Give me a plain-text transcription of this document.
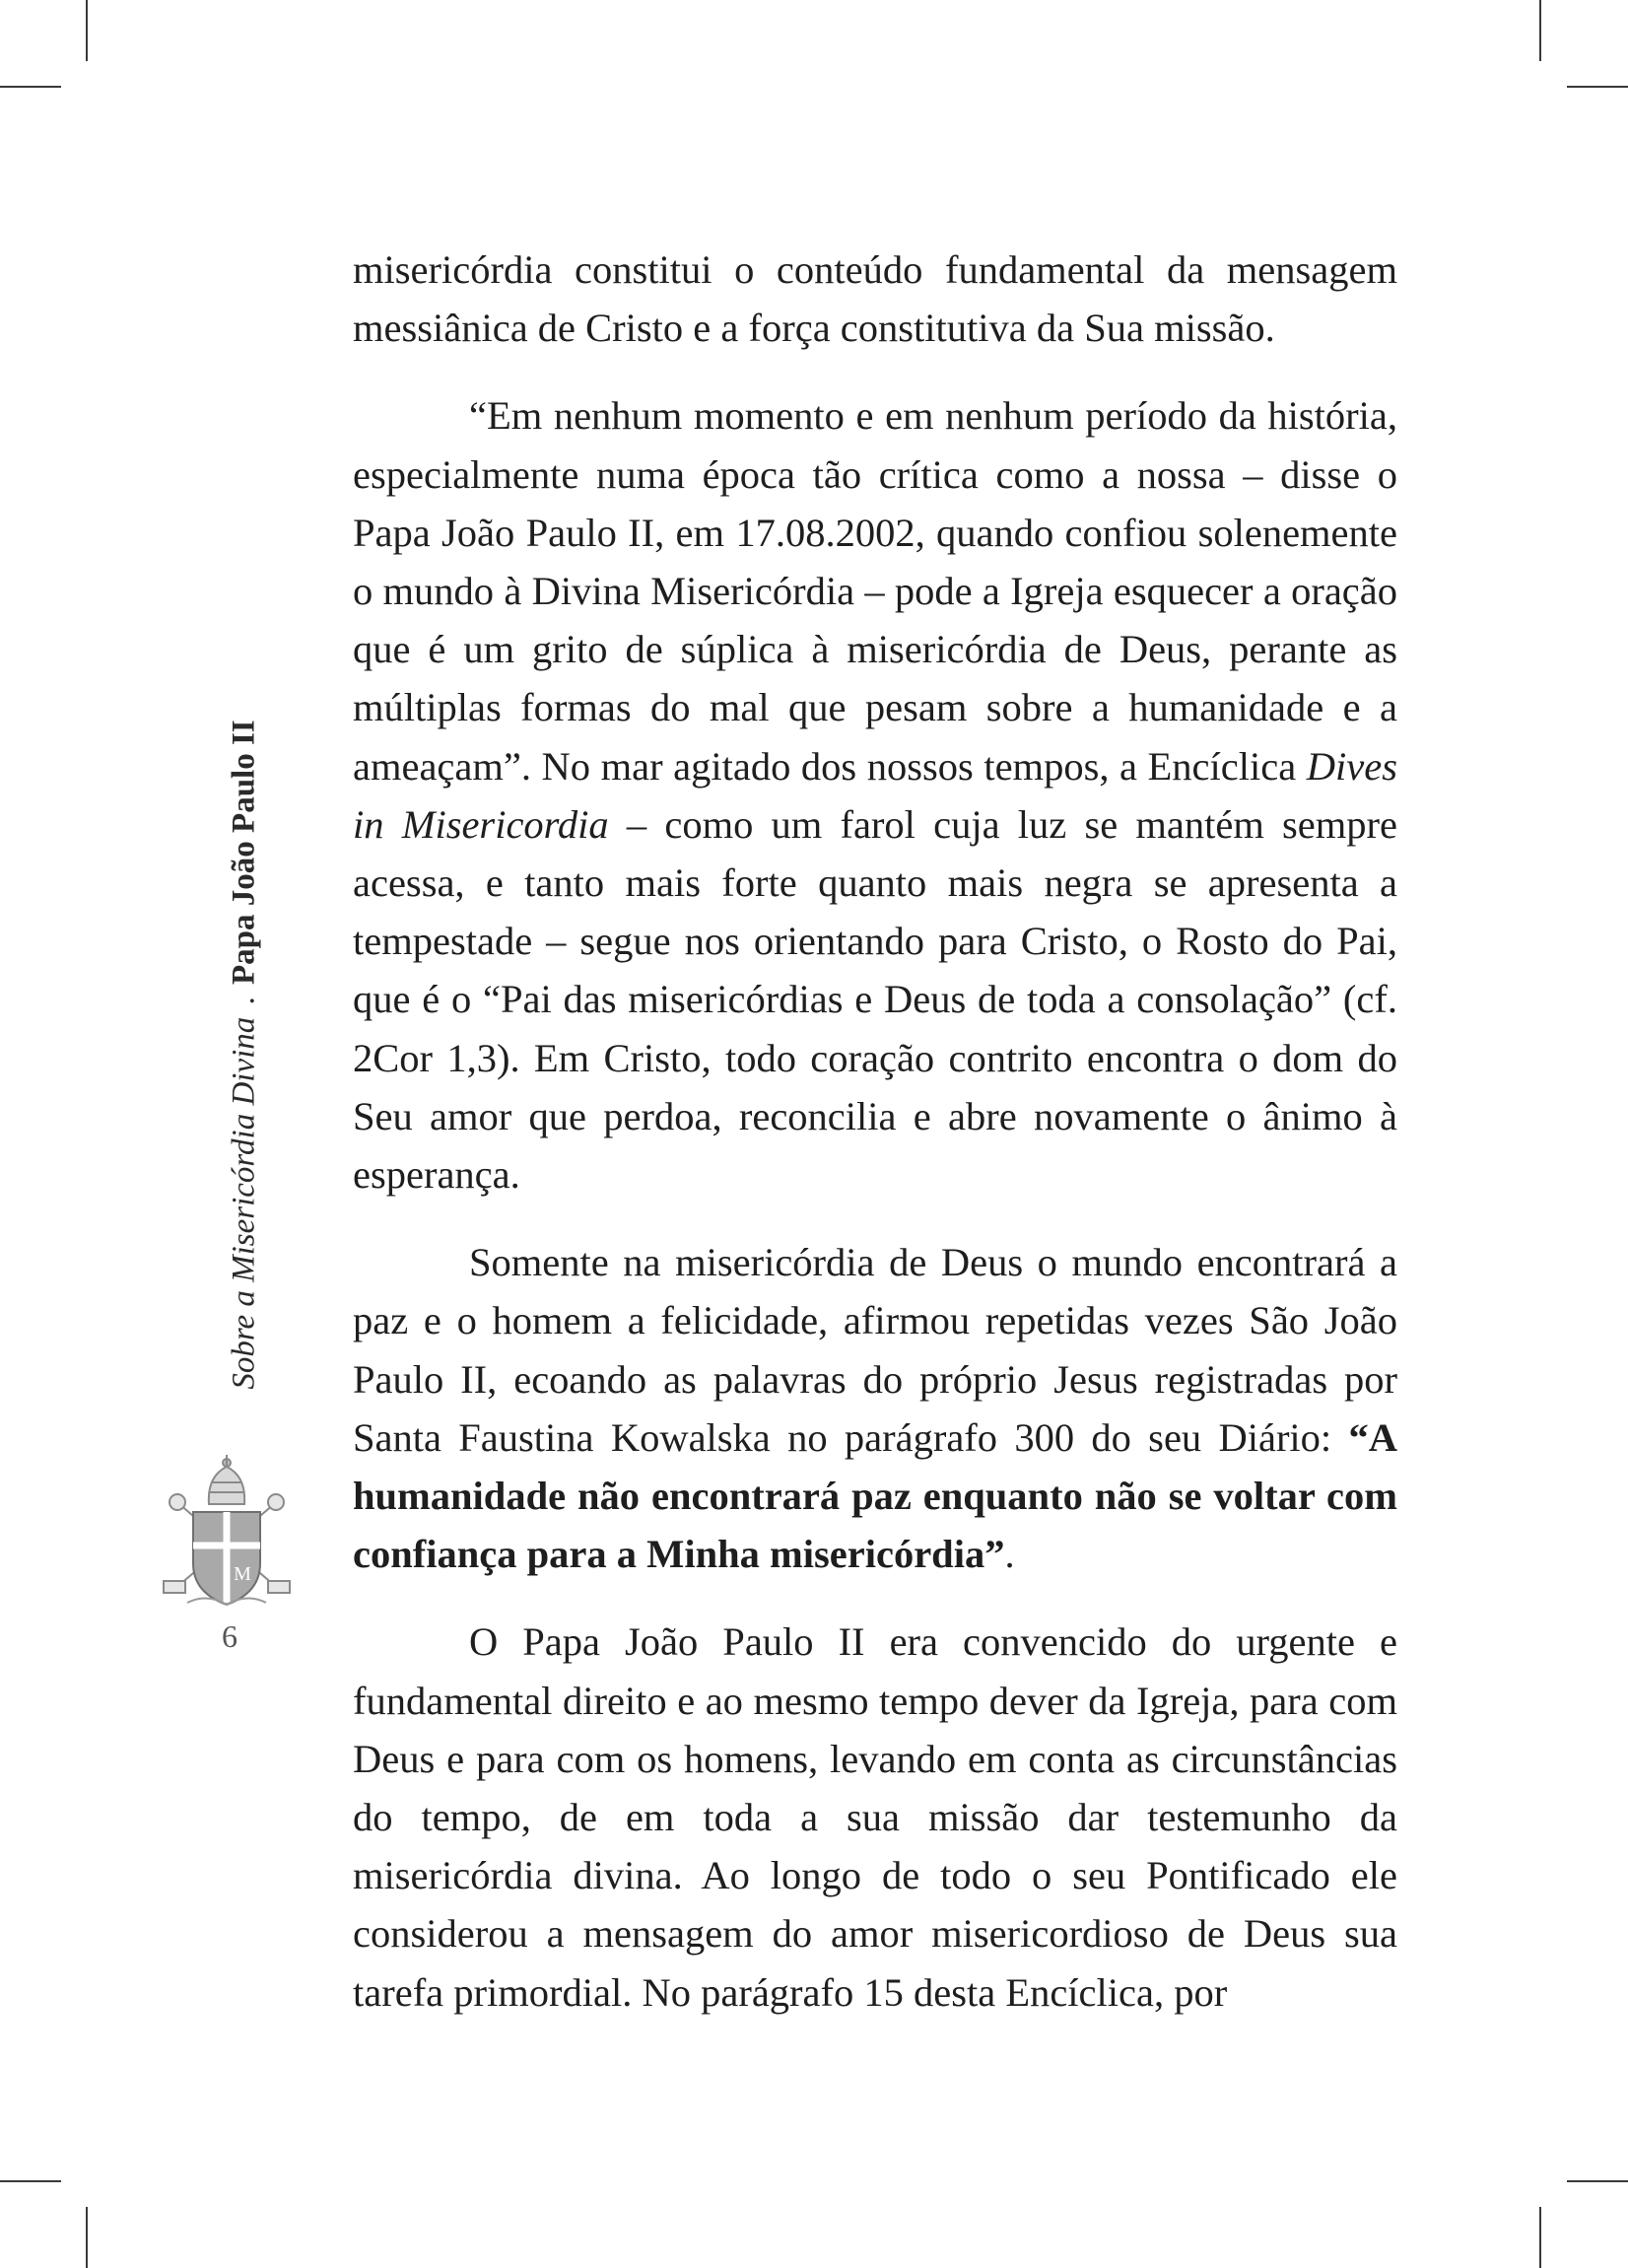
Sobre a Misericórdia Divina . Papa João Paulo II
M
6

misericórdia constitui o conteúdo fundamental da mensagem messiânica de Cristo e a força constitutiva da Sua missão.

“Em nenhum momento e em nenhum período da história, especialmente numa época tão crítica como a nossa – disse o Papa João Paulo II, em 17.08.2002, quando confiou solenemente o mundo à Divina Misericórdia – pode a Igreja esquecer a oração que é um grito de súplica à misericórdia de Deus, perante as múltiplas formas do mal que pesam sobre a humanidade e a ameaçam”. No mar agitado dos nossos tempos, a Encíclica Dives in Misericordia – como um farol cuja luz se mantém sempre acessa, e tanto mais forte quanto mais negra se apresenta a tempestade – segue nos orientando para Cristo, o Rosto do Pai, que é o “Pai das misericórdias e Deus de toda a consolação” (cf. 2Cor 1,3). Em Cristo, todo coração contrito encontra o dom do Seu amor que perdoa, reconcilia e abre novamente o ânimo à esperança.

Somente na misericórdia de Deus o mundo encontrará a paz e o homem a felicidade, afirmou repetidas vezes São João Paulo II, ecoando as palavras do próprio Jesus registradas por Santa Faustina Kowalska no parágrafo 300 do seu Diário: “A humanidade não encontrará paz enquanto não se voltar com confiança para a Minha misericórdia”.

O Papa João Paulo II era convencido do urgente e fundamental direito e ao mesmo tempo dever da Igreja, para com Deus e para com os homens, levando em conta as circunstâncias do tempo, de em toda a sua missão dar testemunho da misericórdia divina. Ao longo de todo o seu Pontificado ele considerou a mensagem do amor misericordioso de Deus sua tarefa primordial. No parágrafo 15 desta Encíclica, por
